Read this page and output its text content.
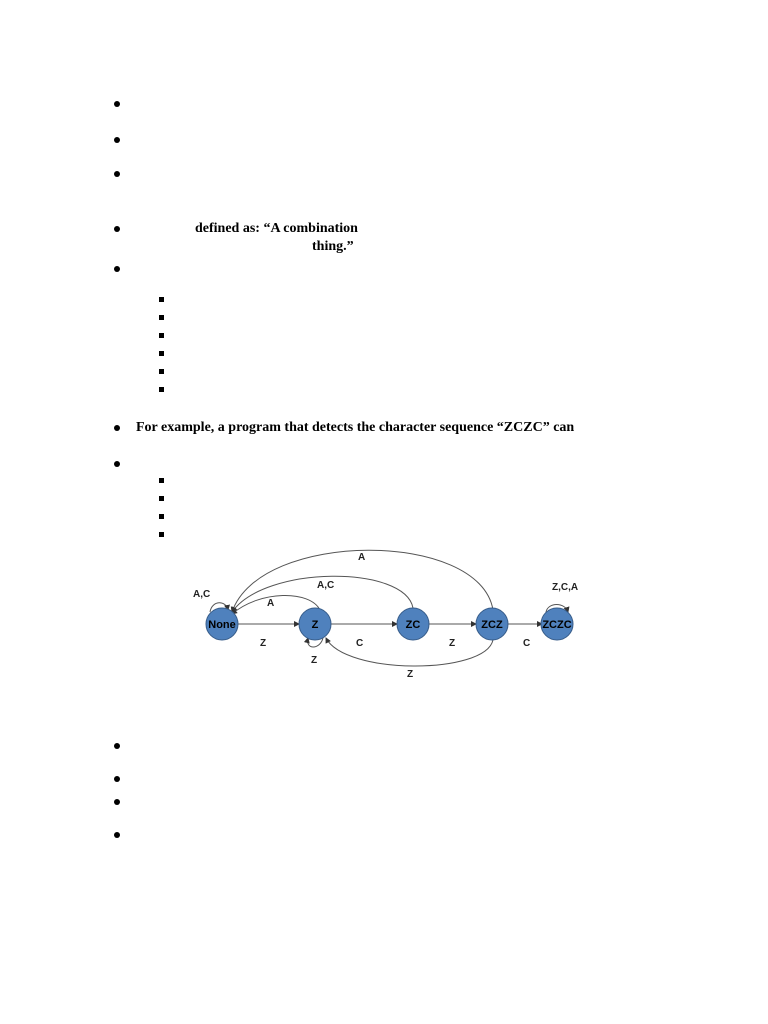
defined as: “A combination
thing.”
For example, a program that detects the character sequence “ZCZC” can
None	Z	ZC	ZCZ	ZCZC
A
A,C
A
A,C
Z
Z
C	Z	C
Z
Z,C,A
